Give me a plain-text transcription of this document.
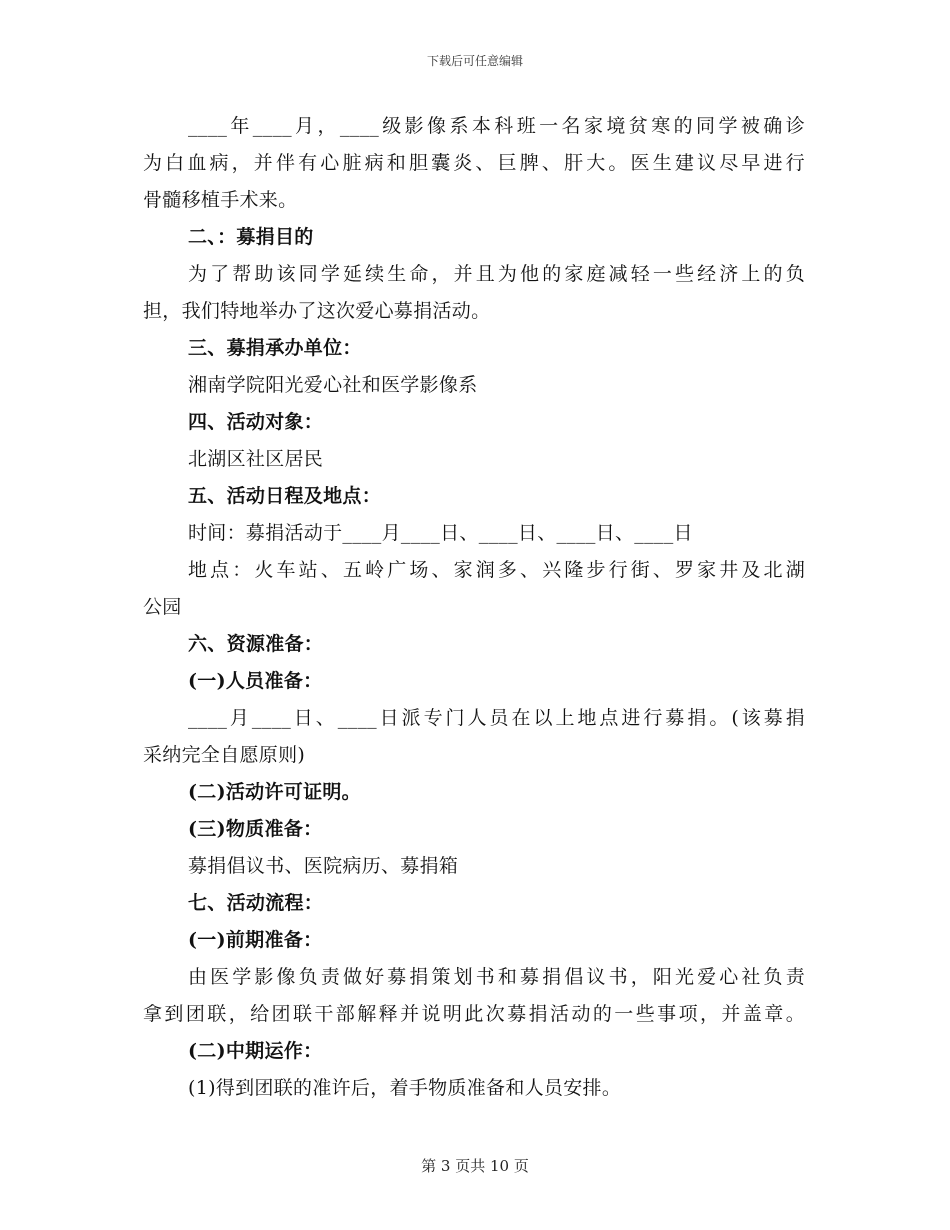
下载后可任意编辑
____年____月，____级影像系本科班一名家境贫寒的同学被确诊
为白血病，并伴有心脏病和胆囊炎、巨脾、肝大。医生建议尽早进行
骨髓移植手术来。
二、：募捐目的
为了帮助该同学延续生命，并且为他的家庭减轻一些经济上的负
担，我们特地举办了这次爱心募捐活动。
三、募捐承办单位：
湘南学院阳光爱心社和医学影像系
四、活动对象：
北湖区社区居民
五、活动日程及地点：
时间：募捐活动于____月____日、____日、____日、____日
地点：火车站、五岭广场、家润多、兴隆步行街、罗家井及北湖
公园
六、资源准备：
(一)人员准备：
____月____日、____日派专门人员在以上地点进行募捐。(该募捐
采纳完全自愿原则)
(二)活动许可证明。
(三)物质准备：
募捐倡议书、医院病历、募捐箱
七、活动流程：
(一)前期准备：
由医学影像负责做好募捐策划书和募捐倡议书，阳光爱心社负责
拿到团联，给团联干部解释并说明此次募捐活动的一些事项，并盖章。
(二)中期运作：
(1)得到团联的准许后，着手物质准备和人员安排。
第 3 页共 10 页
